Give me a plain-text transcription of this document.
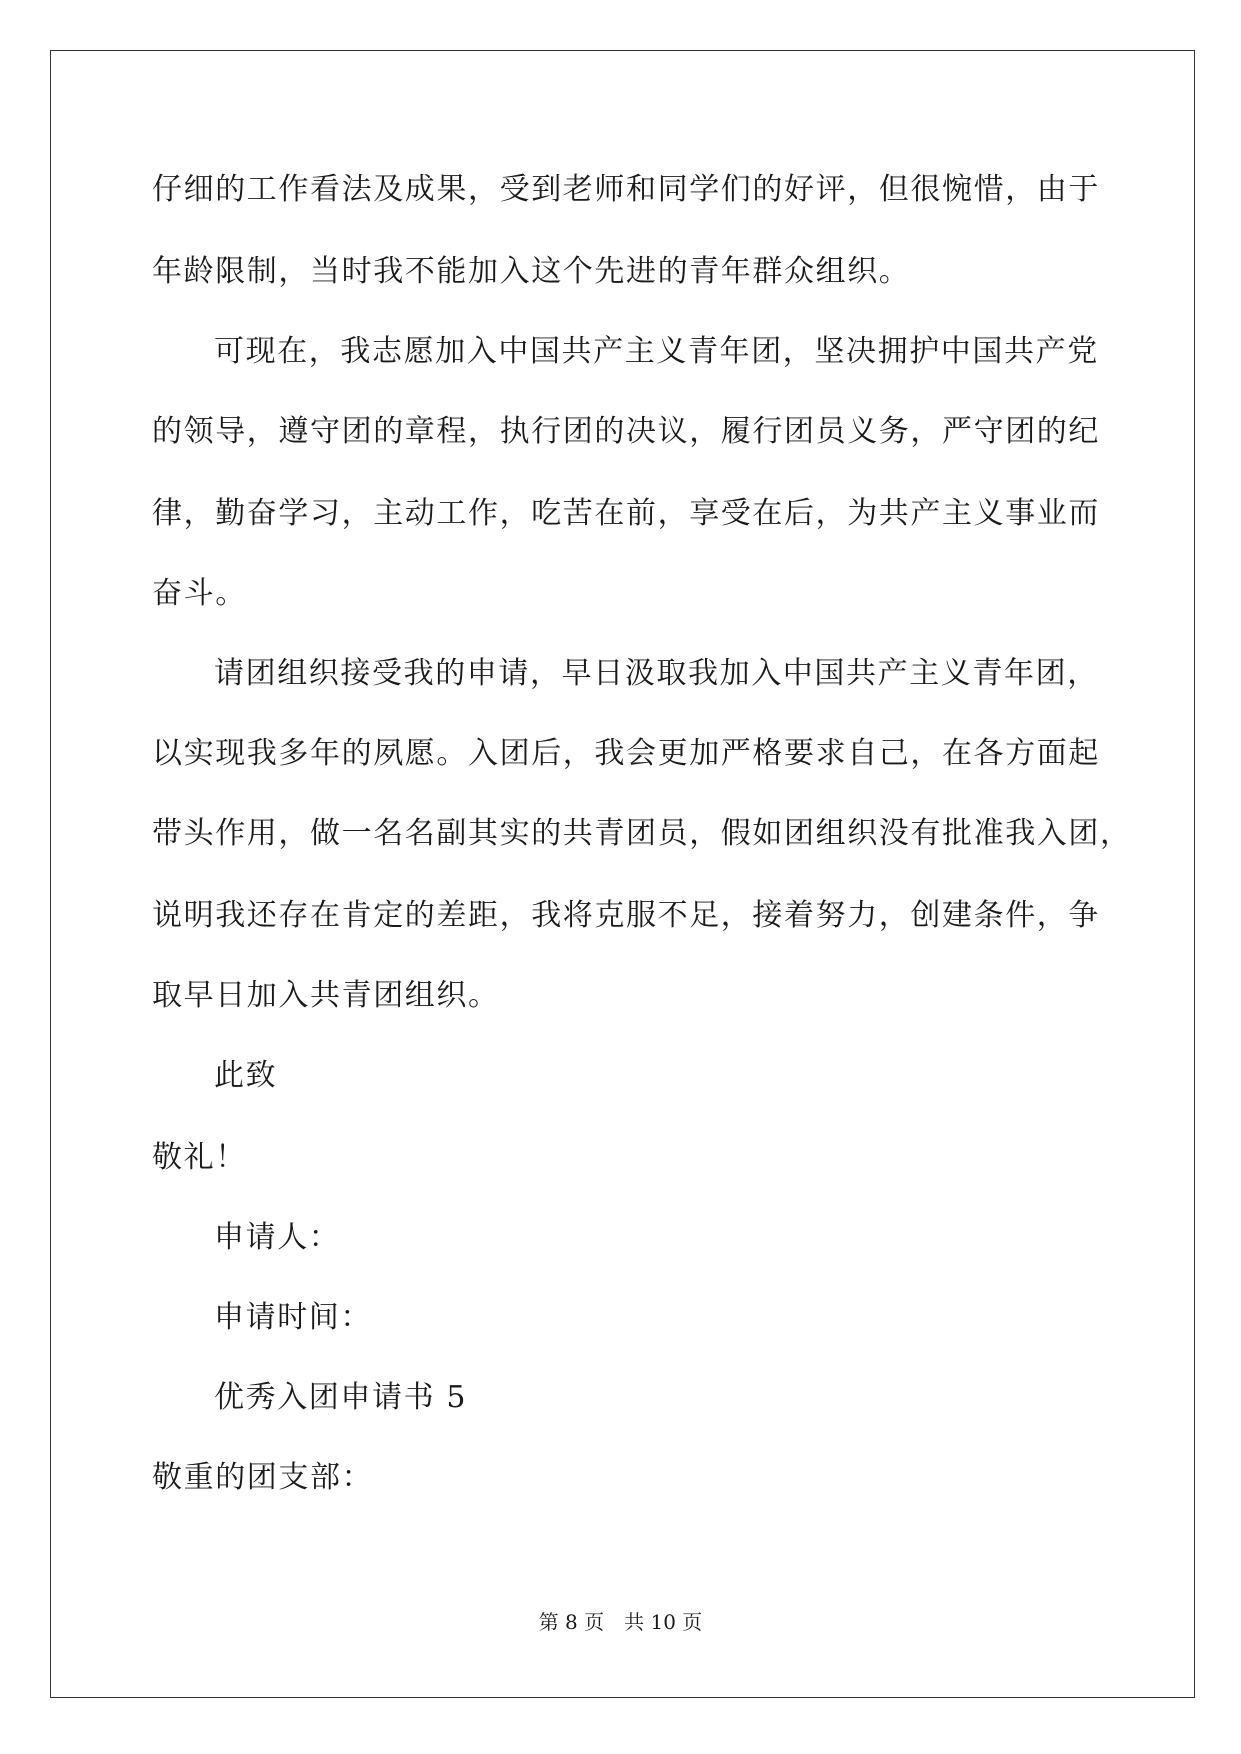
仔细的工作看法及成果，受到老师和同学们的好评，但很惋惜，由于
年龄限制，当时我不能加入这个先进的青年群众组织。
可现在，我志愿加入中国共产主义青年团，坚决拥护中国共产党
的领导，遵守团的章程，执行团的决议，履行团员义务，严守团的纪
律，勤奋学习，主动工作，吃苦在前，享受在后，为共产主义事业而
奋斗。
请团组织接受我的申请，早日汲取我加入中国共产主义青年团，
以实现我多年的夙愿。入团后，我会更加严格要求自己，在各方面起
带头作用，做一名名副其实的共青团员，假如团组织没有批准我入团，
说明我还存在肯定的差距，我将克服不足，接着努力，创建条件，争
取早日加入共青团组织。
此致
敬礼！
申请人：
申请时间：
优秀入团申请书 5
敬重的团支部：
第 8 页 共 10 页
